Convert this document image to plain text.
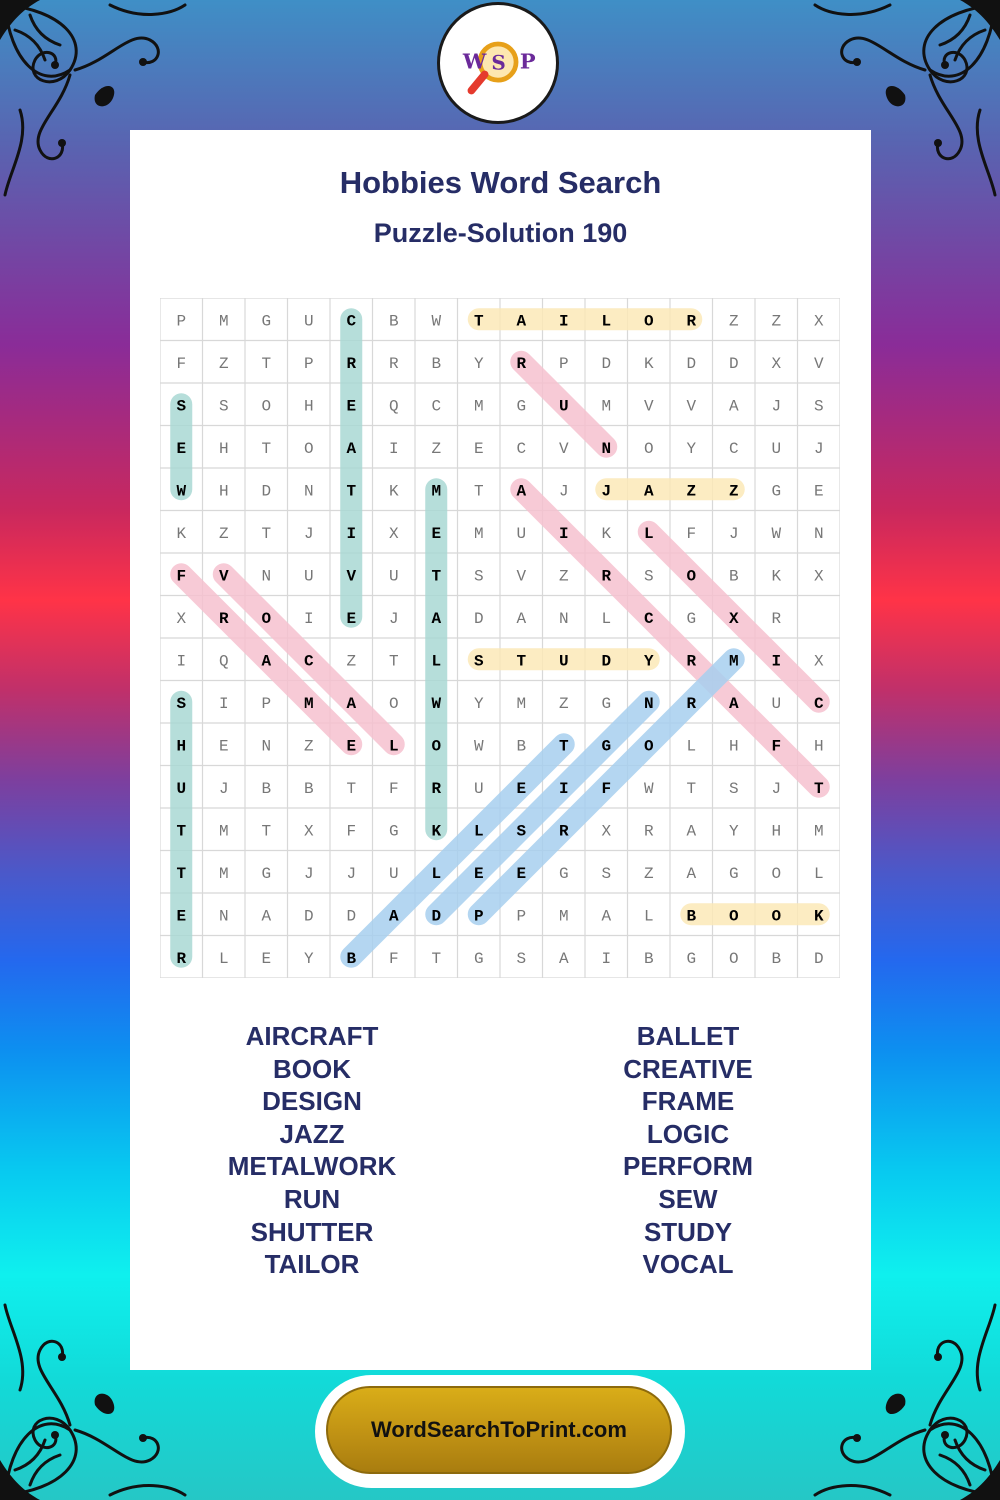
W S P
Hobbies Word Search
Puzzle-Solution 190
P M G U C B W T A I L O R Z Z X
F Z T P R R B Y R P D K D D X V
S S O H E Q C M G U M V V A J S
E H T O A I Z E C V N O Y C U J
W H D N T K M T A J J A Z Z G E
K Z T J I X E M U I K L F J W N
F V N U V U T S V Z R S O B K X
X R O I E J A D A N L C G X R
I Q A C Z T L S T U D Y R M I X
S I P M A O W Y M Z G N R A U C
H E N Z E L O W B T G O L H F H
U J B B T F R U E I F W T S J T
T M T X F G K L S R X R A Y H M
T M G J J U L E E G S Z A G O L
E N A D D A D P P M A L B O O K
R L E Y B F T G S A I B G O B D
AIRCRAFT
BOOK
DESIGN
JAZZ
METALWORK
RUN
SHUTTER
TAILOR
BALLET
CREATIVE
FRAME
LOGIC
PERFORM
SEW
STUDY
VOCAL
WordSearchToPrint.com
